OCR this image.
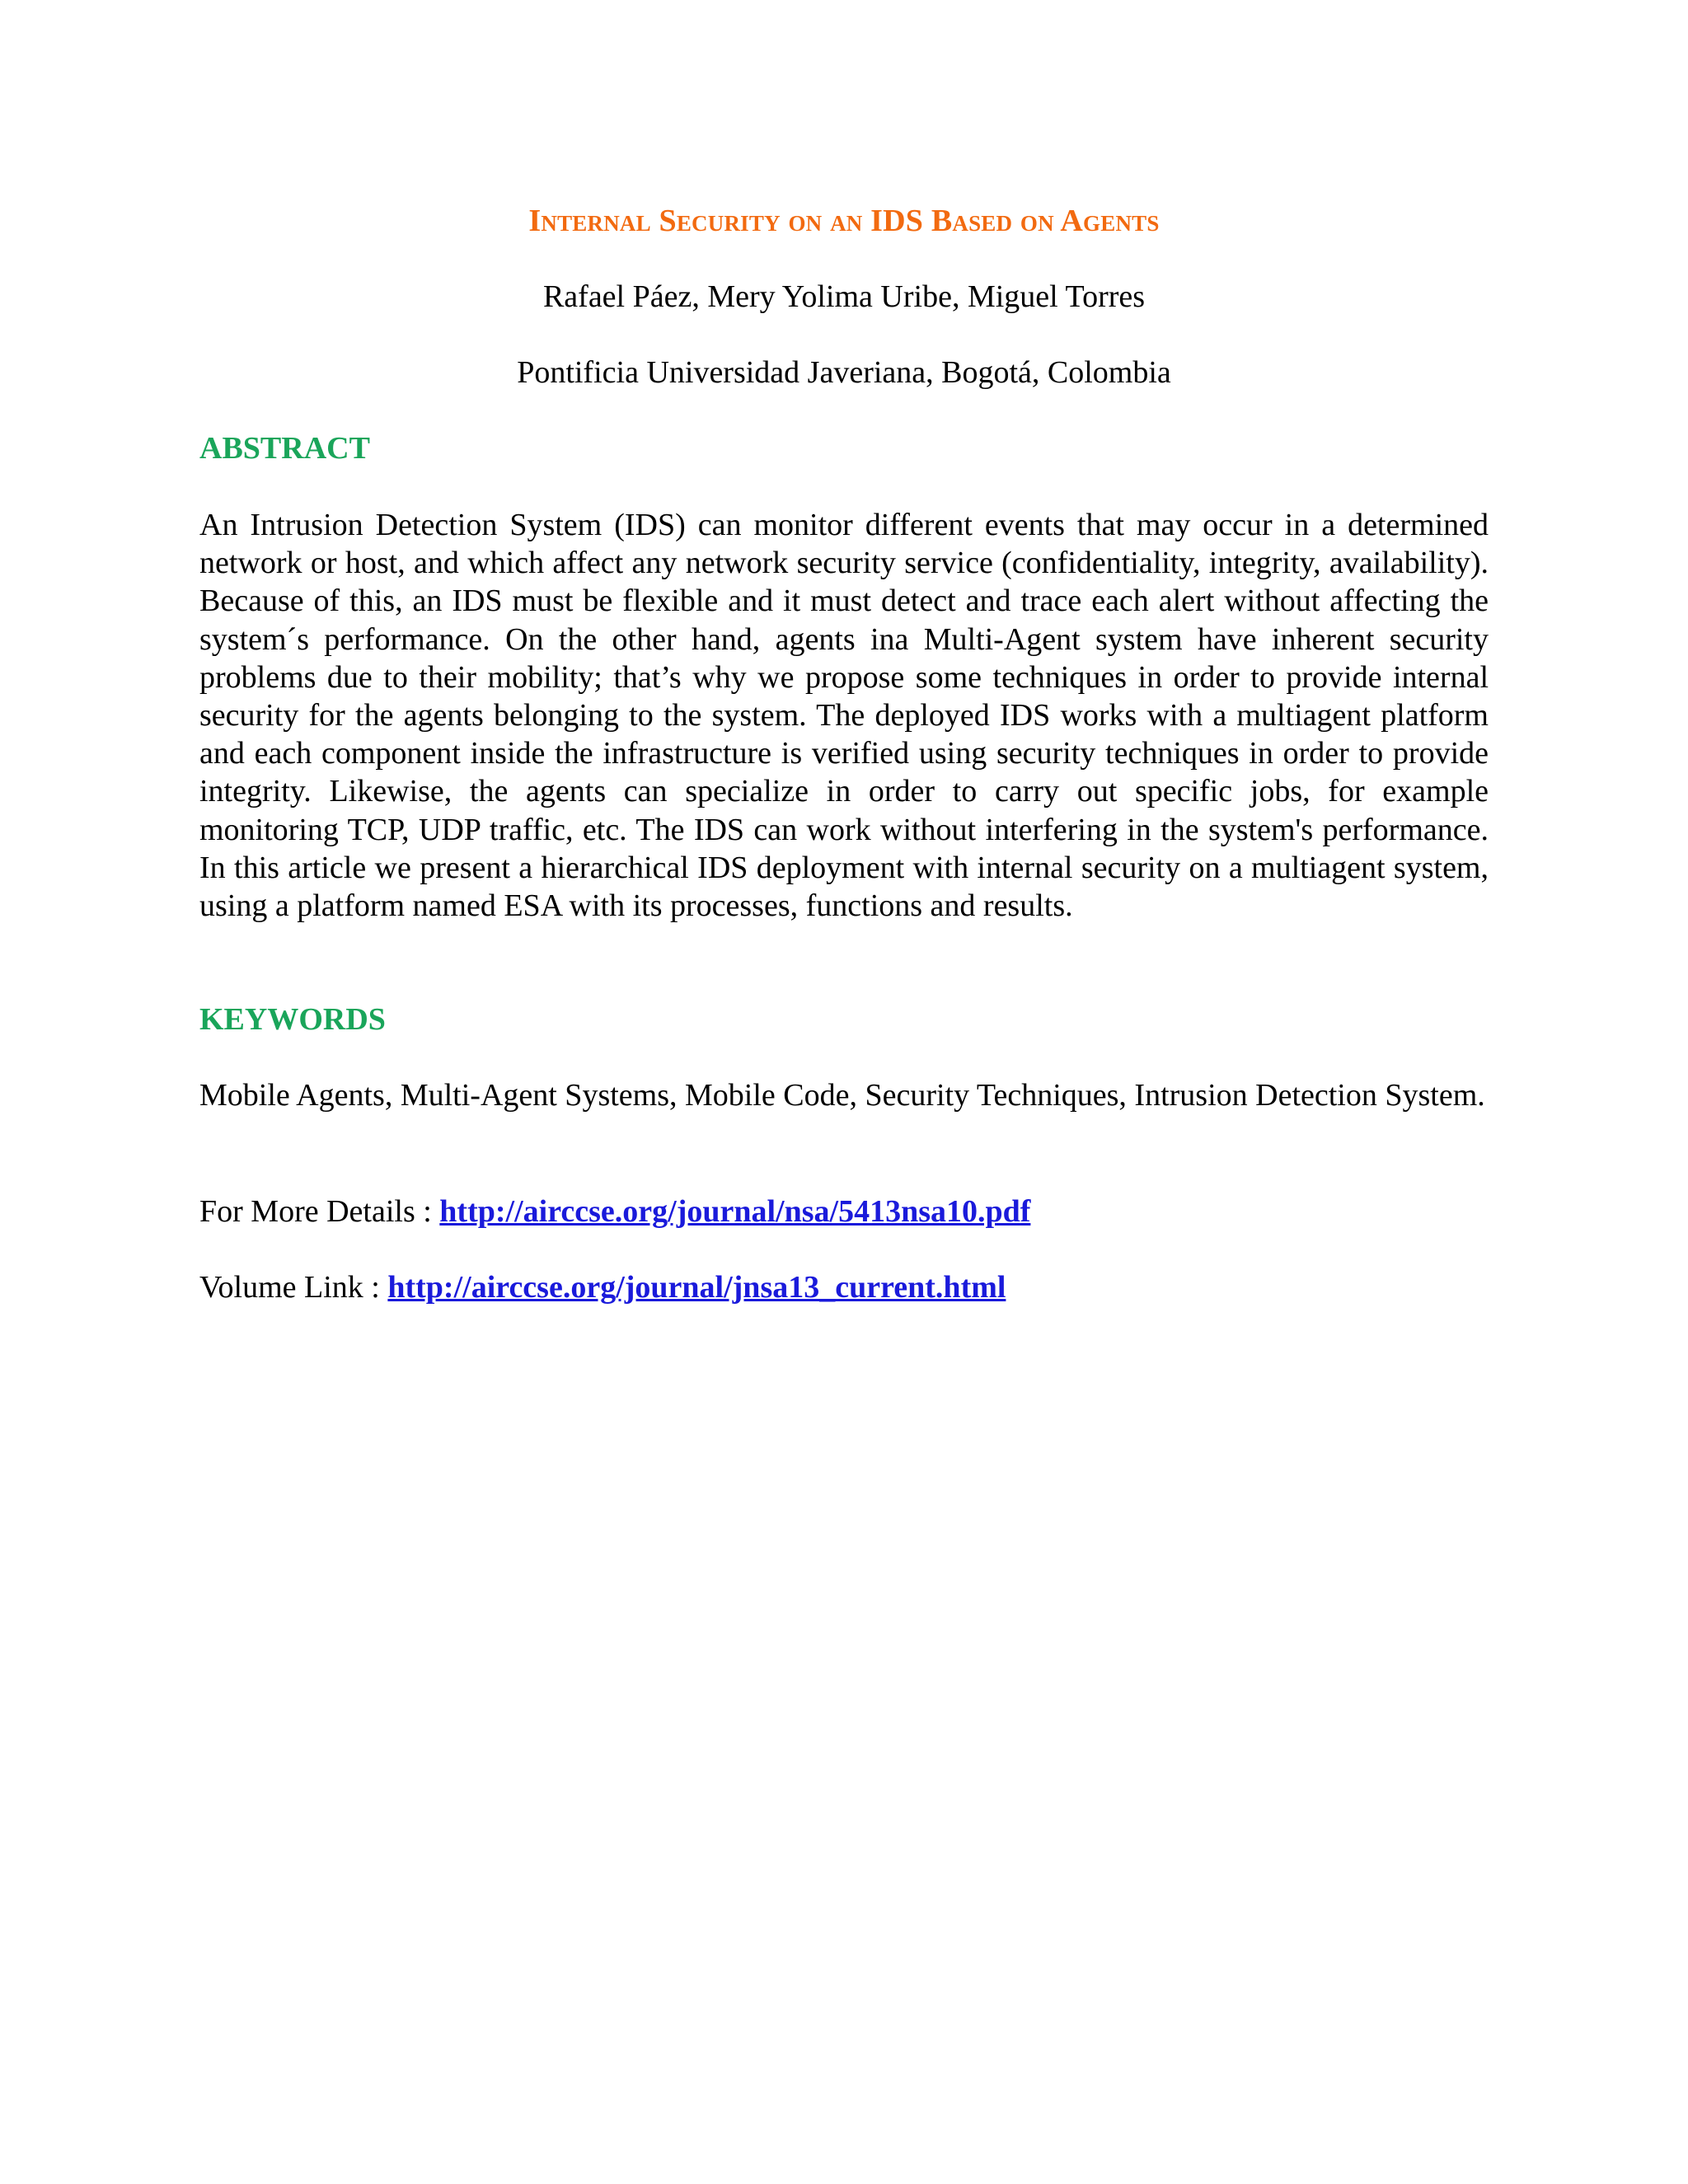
Internal Security on an IDS Based on Agents
Rafael Páez, Mery Yolima Uribe, Miguel Torres
Pontificia Universidad Javeriana, Bogotá, Colombia
ABSTRACT
An Intrusion Detection System (IDS) can monitor different events that may occur in a determined network or host, and which affect any network security service (confidentiality, integrity, availability). Because of this, an IDS must be flexible and it must detect and trace each alert without affecting the system´s performance. On the other hand, agents ina Multi-Agent system have inherent security problems due to their mobility; that’s why we propose some techniques in order to provide internal security for the agents belonging to the system. The deployed IDS works with a multiagent platform and each component inside the infrastructure is verified using security techniques in order to provide integrity. Likewise, the agents can specialize in order to carry out specific jobs, for example monitoring TCP, UDP traffic, etc. The IDS can work without interfering in the system's performance. In this article we present a hierarchical IDS deployment with internal security on a multiagent system, using a platform named ESA with its processes, functions and results.
KEYWORDS
Mobile Agents, Multi-Agent Systems, Mobile Code, Security Techniques, Intrusion Detection System.
For More Details : http://airccse.org/journal/nsa/5413nsa10.pdf
Volume Link : http://airccse.org/journal/jnsa13_current.html
